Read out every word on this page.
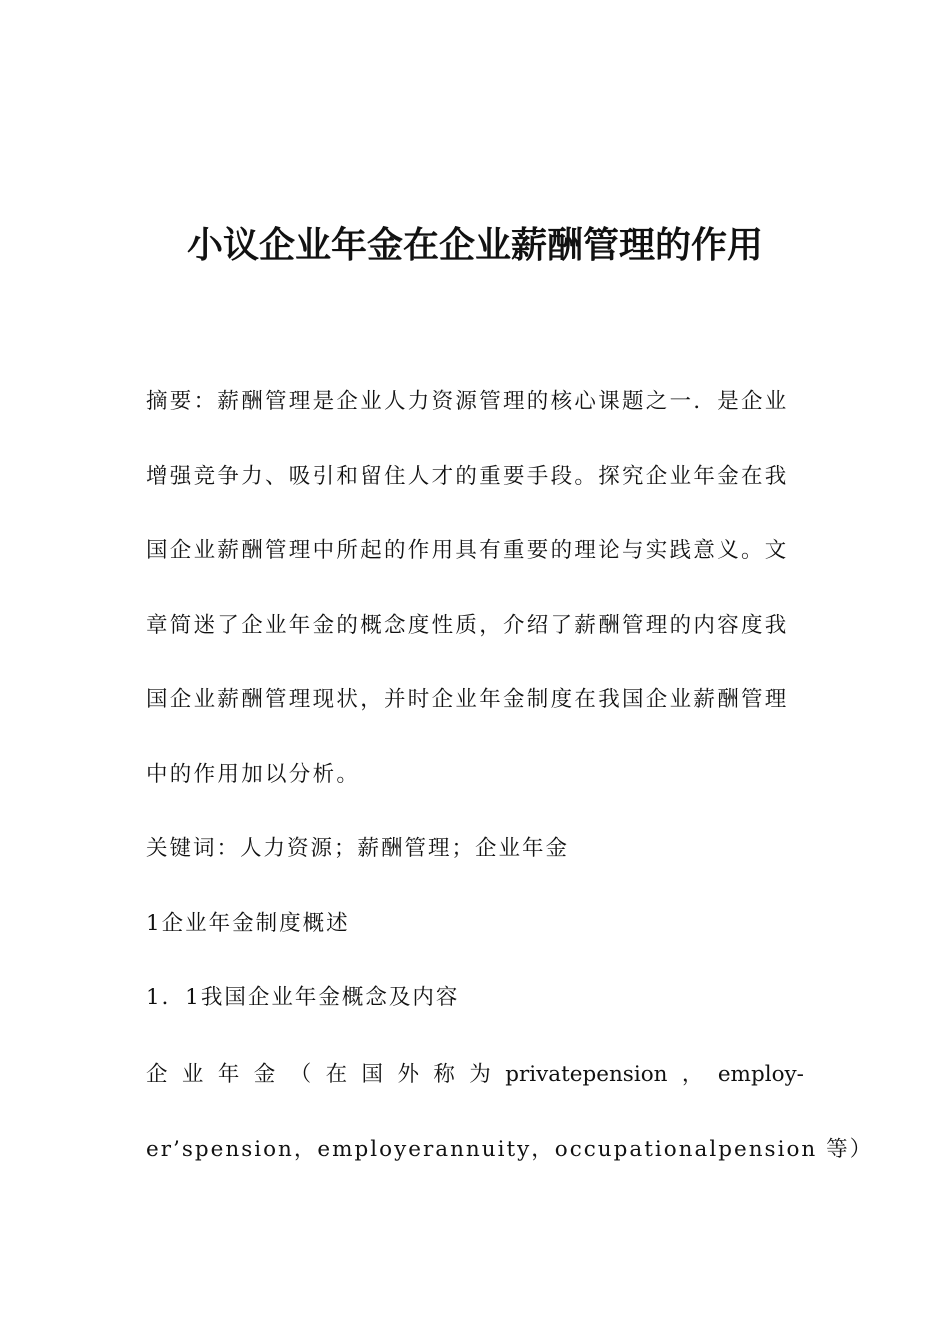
小议企业年金在企业薪酬管理的作用
摘要：薪酬管理是企业人力资源管理的核心课题之一．是企业
增强竞争力、吸引和留住人才的重要手段。探究企业年金在我
国企业薪酬管理中所起的作用具有重要的理论与实践意义。文
章简迷了企业年金的概念度性质，介绍了薪酬管理的内容度我
国企业薪酬管理现状，并时企业年金制度在我国企业薪酬管理
中的作用加以分析。
关键词：人力资源；薪酬管理；企业年金
1企业年金制度概述
1．1我国企业年金概念及内容
企 业 年 金 （ 在 国 外 称 为 privatepension ， employ-
er’spension，employerannuity，occupationalpension 等）
